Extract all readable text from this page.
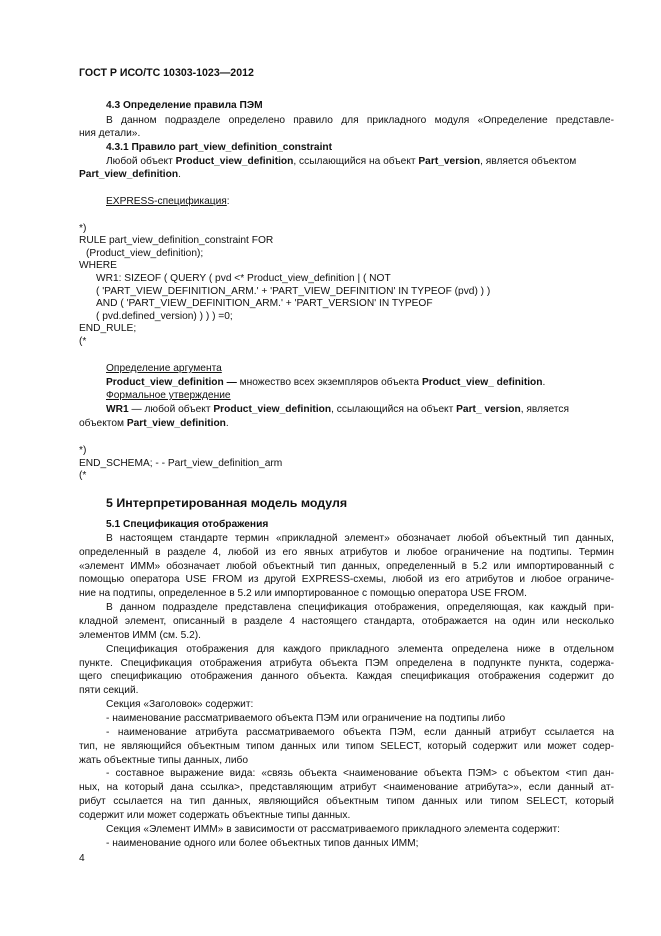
ГОСТ Р ИСО/ТС 10303-1023—2012
4.3 Определение правила ПЭМ
В данном подразделе определено правило для прикладного модуля «Определение представле-
ния детали».
4.3.1 Правило part_view_definition_constraint
Любой объект Product_view_definition, ссылающийся на объект Part_version, является объектом
Part_view_definition.
EXPRESS-спецификация:
*)
RULE part_view_definition_constraint FOR
(Product_view_definition);
WHERE
WR1: SIZEOF ( QUERY ( pvd <* Product_view_definition | ( NOT
( 'PART_VIEW_DEFINITION_ARM.' + 'PART_VIEW_DEFINITION' IN TYPEOF (pvd) ) )
AND ( 'PART_VIEW_DEFINITION_ARM.' + 'PART_VERSION' IN TYPEOF
( pvd.defined_version) ) ) ) =0;
END_RULE;
(*
Определение аргумента
Product_view_definition — множество всех экземпляров объекта Product_view_ definition.
Формальное утверждение
WR1 — любой объект Product_view_definition, ссылающийся на объект Part_ version, является
объектом Part_view_definition.
*)
END_SCHEMA; - - Part_view_definition_arm
(*
5 Интерпретированная модель модуля
5.1 Спецификация отображения
В настоящем стандарте термин «прикладной элемент» обозначает любой объектный тип данных,
определенный в разделе 4, любой из его явных атрибутов и любое ограничение на подтипы. Термин
«элемент ИММ» обозначает любой объектный тип данных, определенный в 5.2 или импортированный с
помощью оператора USE FROM из другой EXPRESS-схемы, любой из его атрибутов и любое ограниче-
ние на подтипы, определенное в 5.2 или импортированное с помощью оператора USE FROM.
В данном подразделе представлена спецификация отображения, определяющая, как каждый при-
кладной элемент, описанный в разделе 4 настоящего стандарта, отображается на один или несколько
элементов ИММ (см. 5.2).
Спецификация отображения для каждого прикладного элемента определена ниже в отдельном
пункте. Спецификация отображения атрибута объекта ПЭМ определена в подпункте пункта, содержа-
щего спецификацию отображения данного объекта. Каждая спецификация отображения содержит до
пяти секций.
Секция «Заголовок» содержит:
- наименование рассматриваемого объекта ПЭМ или ограничение на подтипы либо
- наименование атрибута рассматриваемого объекта ПЭМ, если данный атрибут ссылается на
тип, не являющийся объектным типом данных или типом SELECT, который содержит или может содер-
жать объектные типы данных, либо
- составное выражение вида: «связь объекта <наименование объекта ПЭМ> с объектом <тип дан-
ных, на который дана ссылка>, представляющим атрибут <наименование атрибута>», если данный ат-
рибут ссылается на тип данных, являющийся объектным типом данных или типом SELECT, который
содержит или может содержать объектные типы данных.
Секция «Элемент ИММ» в зависимости от рассматриваемого прикладного элемента содержит:
- наименование одного или более объектных типов данных ИММ;
4
